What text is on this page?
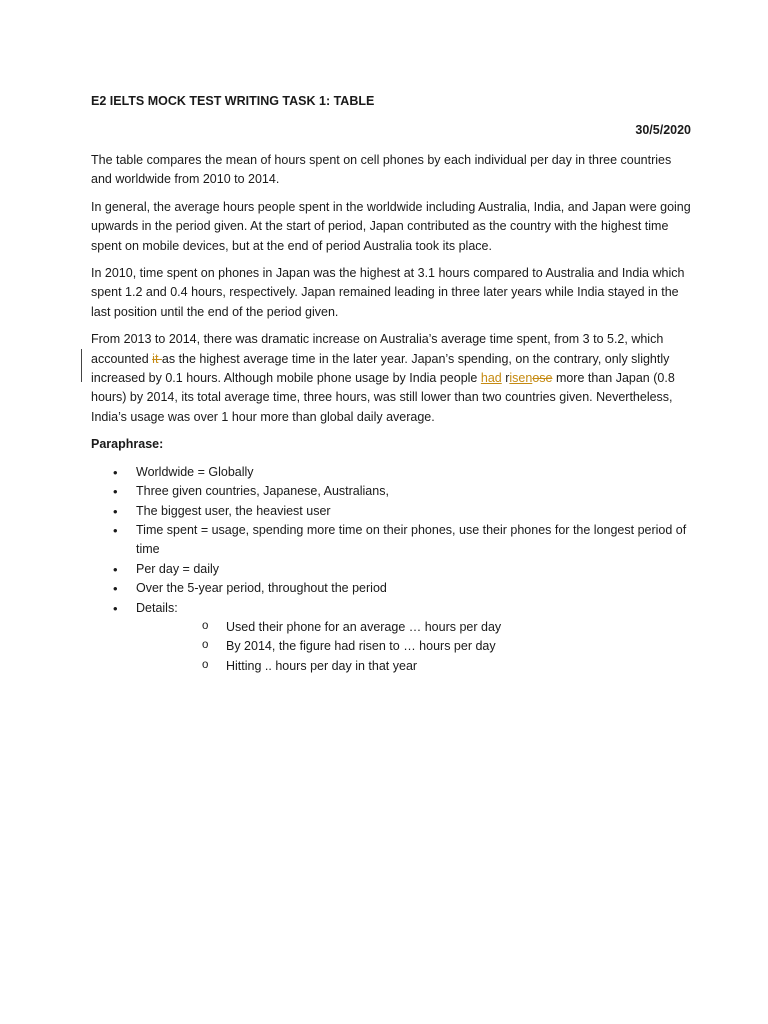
E2 IELTS MOCK TEST WRITING TASK 1: TABLE
30/5/2020

The table compares the mean of hours spent on cell phones by each individual per day in three countries and worldwide from 2010 to 2014.

In general, the average hours people spent in the worldwide including Australia, India, and Japan were going upwards in the period given. At the start of period, Japan contributed as the country with the highest time spent on mobile devices, but at the end of period Australia took its place.

In 2010, time spent on phones in Japan was the highest at 3.1 hours compared to Australia and India which spent 1.2 and 0.4 hours, respectively. Japan remained leading in three later years while India stayed in the last position until the end of the period given.

From 2013 to 2014, there was dramatic increase on Australia’s average time spent, from 3 to 5.2, which accounted it as the highest average time in the later year. Japan’s spending, on the contrary, only slightly increased by 0.1 hours. Although mobile phone usage by India people had risenose more than Japan (0.8 hours) by 2014, its total average time, three hours, was still lower than two countries given. Nevertheless, India’s usage was over 1 hour more than global daily average.

Paraphrase:

• Worldwide = Globally
• Three given countries, Japanese, Australians,
• The biggest user, the heaviest user
• Time spent = usage, spending more time on their phones, use their phones for the longest period of time
• Per day = daily
• Over the 5-year period, throughout the period
• Details:
o Used their phone for an average … hours per day
o By 2014, the figure had risen to … hours per day
o Hitting .. hours per day in that year
